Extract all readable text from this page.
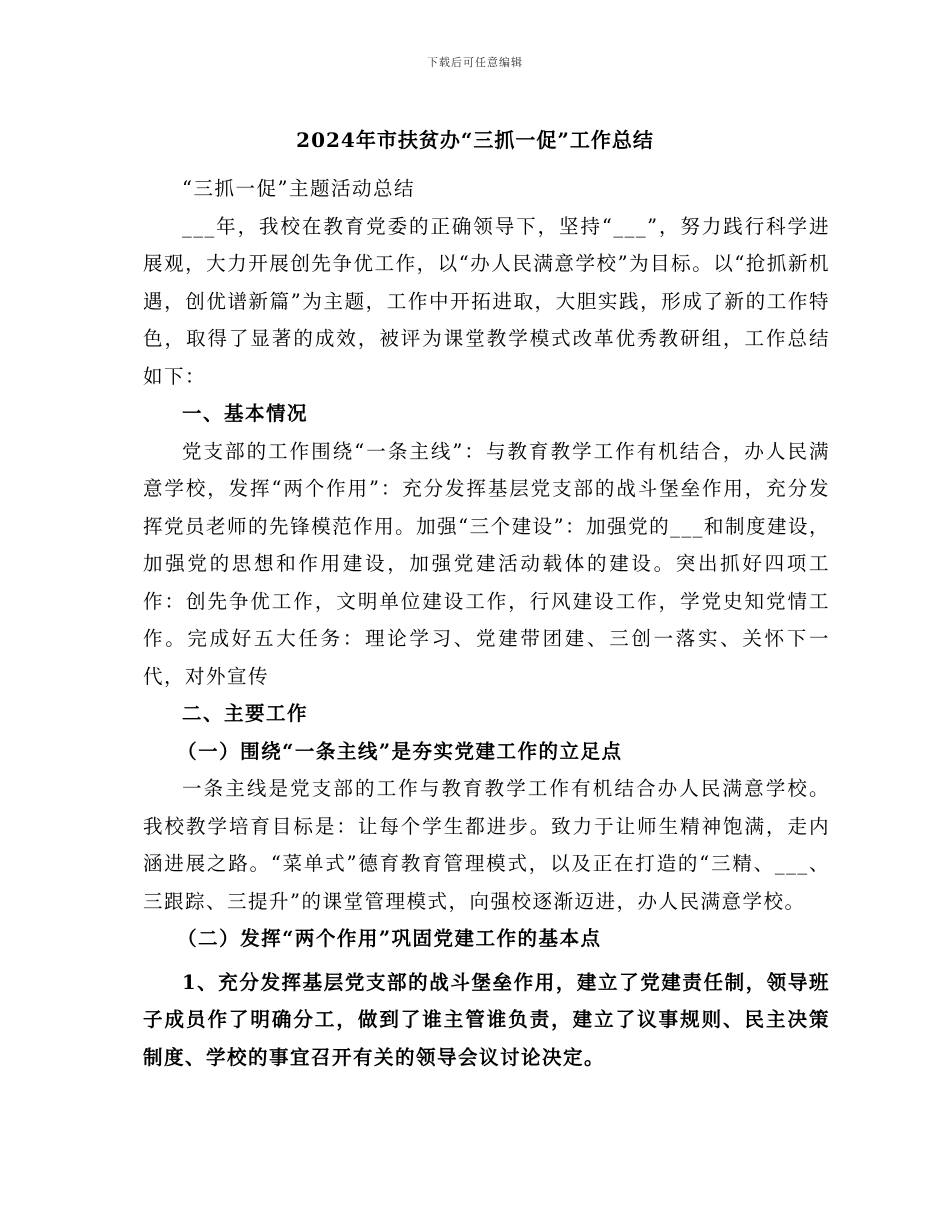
下载后可任意编辑
2024年市扶贫办“三抓一促”工作总结

“三抓一促”主题活动总结

___年，我校在教育党委的正确领导下，坚持“___”，努力践行科学进展观，大力开展创先争优工作，以“办人民满意学校”为目标。以“抢抓新机遇，创优谱新篇”为主题，工作中开拓进取，大胆实践，形成了新的工作特色，取得了显著的成效，被评为课堂教学模式改革优秀教研组，工作总结如下：

一、基本情况

党支部的工作围绕“一条主线”：与教育教学工作有机结合，办人民满意学校，发挥“两个作用”：充分发挥基层党支部的战斗堡垒作用，充分发挥党员老师的先锋模范作用。加强“三个建设”：加强党的___和制度建设，加强党的思想和作用建设，加强党建活动载体的建设。突出抓好四项工作：创先争优工作，文明单位建设工作，行风建设工作，学党史知党情工作。完成好五大任务：理论学习、党建带团建、三创一落实、关怀下一代，对外宣传

二、主要工作

（一）围绕“一条主线”是夯实党建工作的立足点

一条主线是党支部的工作与教育教学工作有机结合办人民满意学校。我校教学培育目标是：让每个学生都进步。致力于让师生精神饱满，走内涵进展之路。“菜单式”德育教育管理模式，以及正在打造的“三精、___、三跟踪、三提升”的课堂管理模式，向强校逐渐迈进，办人民满意学校。

（二）发挥“两个作用”巩固党建工作的基本点

1、充分发挥基层党支部的战斗堡垒作用，建立了党建责任制，领导班子成员作了明确分工，做到了谁主管谁负责，建立了议事规则、民主决策制度、学校的事宜召开有关的领导会议讨论决定。
